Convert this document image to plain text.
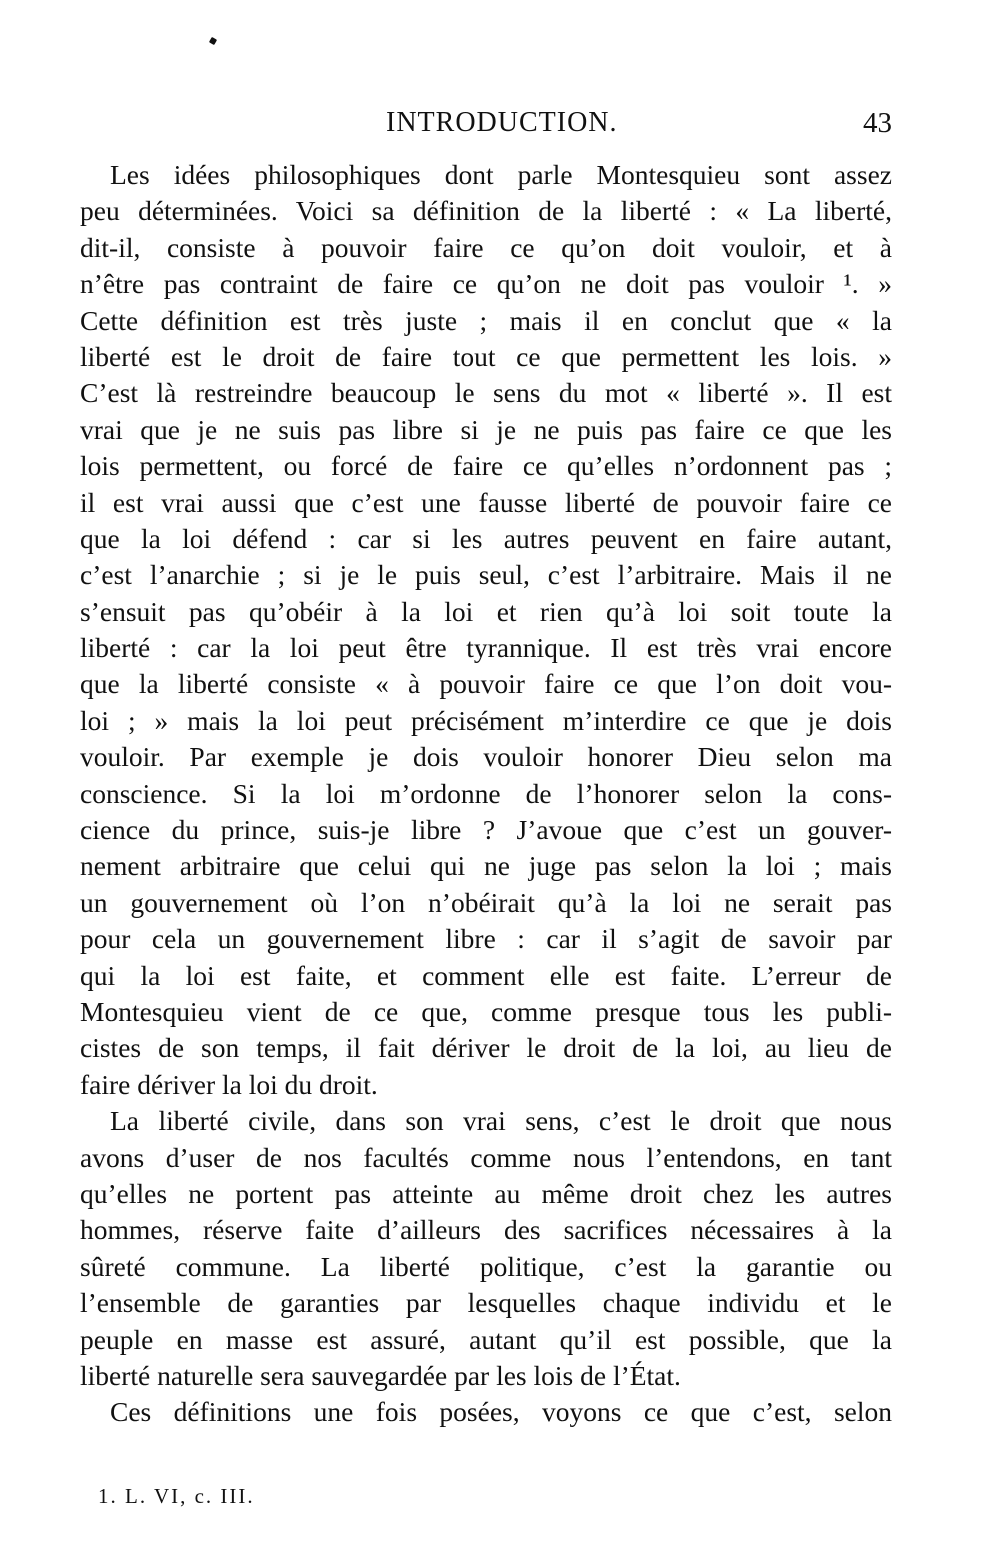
INTRODUCTION.	43
Les idées philosophiques dont parle Montesquieu sont assez
peu déterminées. Voici sa définition de la liberté : « La liberté,
dit-il, consiste à pouvoir faire ce qu’on doit vouloir, et à
n’être pas contraint de faire ce qu’on ne doit pas vouloir ¹. »
Cette définition est très juste ; mais il en conclut que « la
liberté est le droit de faire tout ce que permettent les lois. »
C’est là restreindre beaucoup le sens du mot « liberté ». Il est
vrai que je ne suis pas libre si je ne puis pas faire ce que les
lois permettent, ou forcé de faire ce qu’elles n’ordonnent pas ;
il est vrai aussi que c’est une fausse liberté de pouvoir faire ce
que la loi défend : car si les autres peuvent en faire autant,
c’est l’anarchie ; si je le puis seul, c’est l’arbitraire. Mais il ne
s’ensuit pas qu’obéir à la loi et rien qu’à loi soit toute la
liberté : car la loi peut être tyrannique. Il est très vrai encore
que la liberté consiste « à pouvoir faire ce que l’on doit vou-
loi ; » mais la loi peut précisément m’interdire ce que je dois
vouloir. Par exemple je dois vouloir honorer Dieu selon ma
conscience. Si la loi m’ordonne de l’honorer selon la cons-
cience du prince, suis-je libre ? J’avoue que c’est un gouver-
nement arbitraire que celui qui ne juge pas selon la loi ; mais
un gouvernement où l’on n’obéirait qu’à la loi ne serait pas
pour cela un gouvernement libre : car il s’agit de savoir par
qui la loi est faite, et comment elle est faite. L’erreur de
Montesquieu vient de ce que, comme presque tous les publi-
cistes de son temps, il fait dériver le droit de la loi, au lieu de
faire dériver la loi du droit.
La liberté civile, dans son vrai sens, c’est le droit que nous
avons d’user de nos facultés comme nous l’entendons, en tant
qu’elles ne portent pas atteinte au même droit chez les autres
hommes, réserve faite d’ailleurs des sacrifices nécessaires à la
sûreté commune. La liberté politique, c’est la garantie ou
l’ensemble de garanties par lesquelles chaque individu et le
peuple en masse est assuré, autant qu’il est possible, que la
liberté naturelle sera sauvegardée par les lois de l’État.
Ces définitions une fois posées, voyons ce que c’est, selon
1. L. VI, c. III.
